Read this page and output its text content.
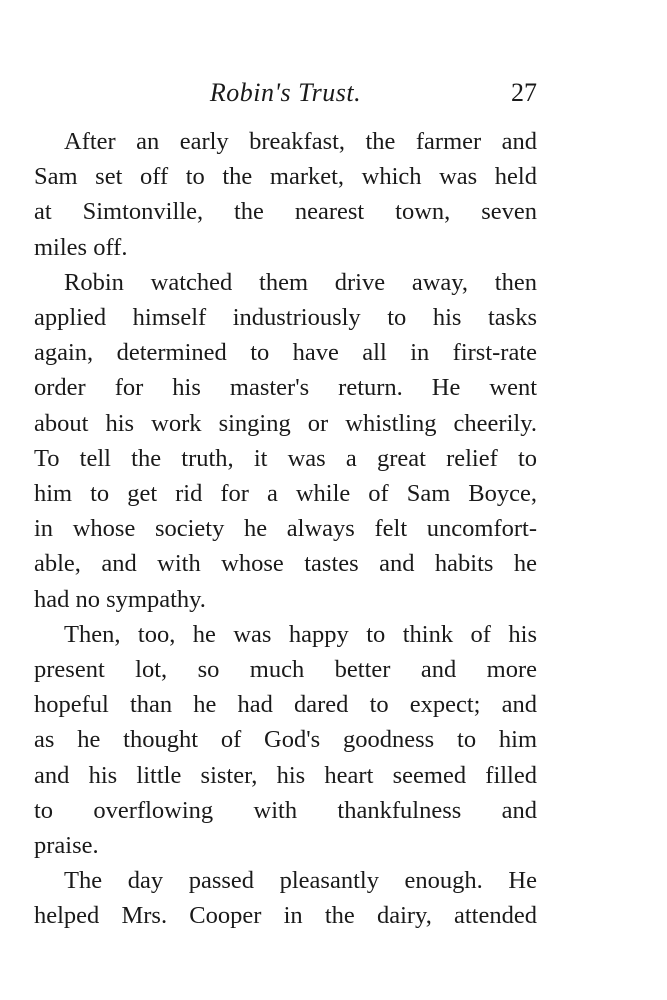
Robin's Trust.	27

After an early breakfast, the farmer and
Sam set off to the market, which was held
at Simtonville, the nearest town, seven
miles off.

Robin watched them drive away, then
applied himself industriously to his tasks
again, determined to have all in first-rate
order for his master's return. He went
about his work singing or whistling cheerily.
To tell the truth, it was a great relief to
him to get rid for a while of Sam Boyce,
in whose society he always felt uncomfort-
able, and with whose tastes and habits he
had no sympathy.

Then, too, he was happy to think of his
present lot, so much better and more
hopeful than he had dared to expect; and
as he thought of God's goodness to him
and his little sister, his heart seemed filled
to overflowing with thankfulness and
praise.

The day passed pleasantly enough. He
helped Mrs. Cooper in the dairy, attended
